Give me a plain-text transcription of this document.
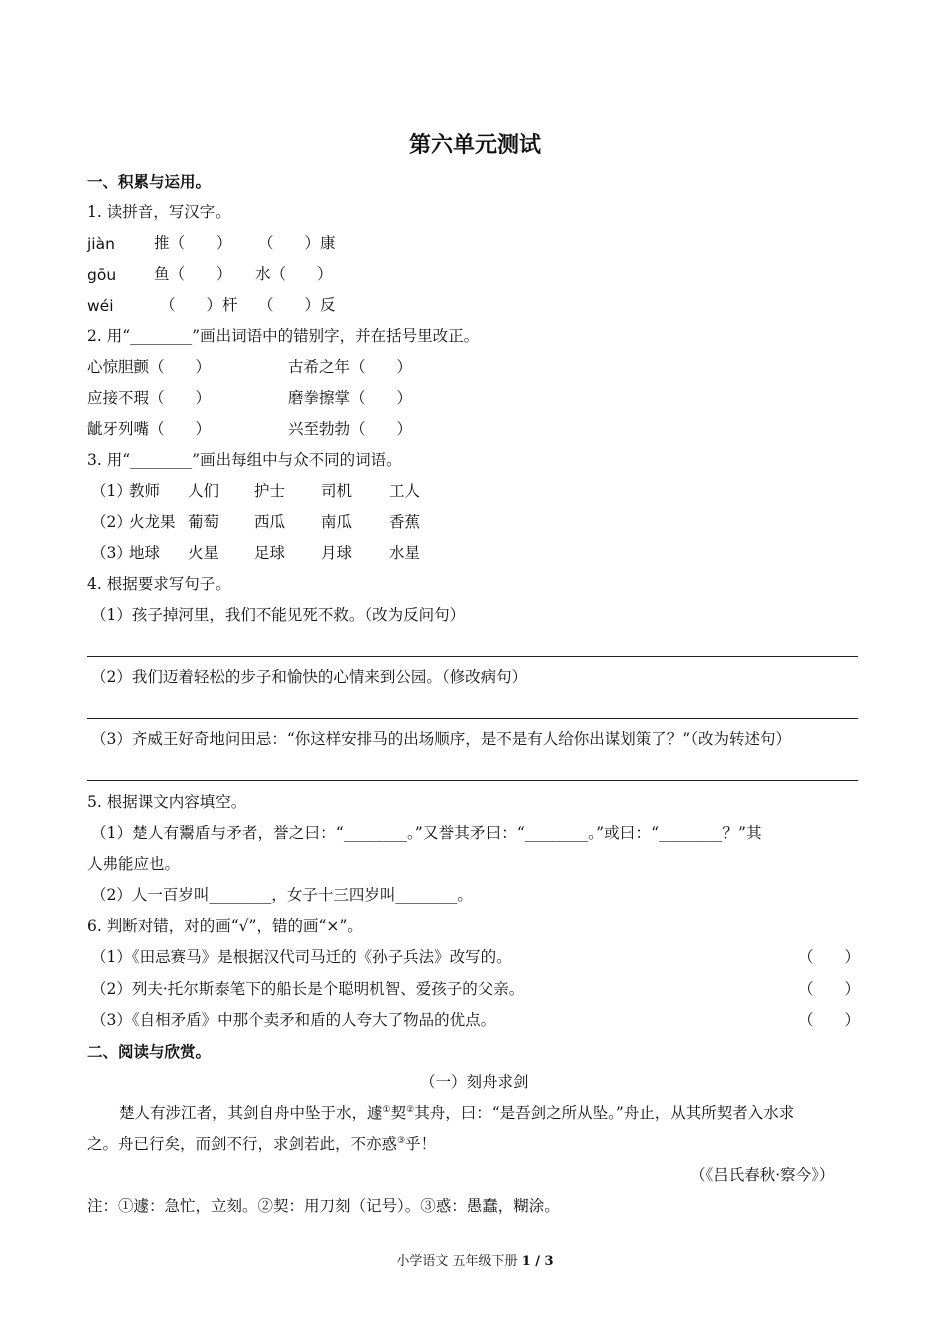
第六单元测试
一、积累与运用。
1. 读拼音，写汉字。
jiàn	推（　　） （　　）康
gōu 鱼（　　） 水（　　）
wéi	（　　）杆 （　　）反
2. 用“________”画出词语中的错别字，并在括号里改正。
心惊胆颤（　　）	古希之年（　　）
应接不瑕（　　）	磨拳擦掌（　　）
龇牙列嘴（　　）	兴至勃勃（　　）
3. 用“________”画出每组中与众不同的词语。
（1）
教师 人们 护士 司机 工人
（2）
火龙果 葡萄 西瓜 南瓜 香蕉
（3）
地球 火星 足球 月球 水星
4. 根据要求写句子。
（1）孩子掉河里，我们不能见死不救。（改为反问句）
（2）我们迈着轻松的步子和愉快的心情来到公园。（修改病句）
（3）齐威王好奇地问田忌：“你这样安排马的出场顺序，是不是有人给你出谋划策了？”（改为转述句）
5. 根据课文内容填空。
（1）楚人有鬻盾与矛者，誉之曰：“________。”又誉其矛曰：“________。”或曰：“________？”其
人弗能应也。
（2）人一百岁叫________，女子十三四岁叫________。
6. 判断对错，对的画“√”，错的画“×”。
（1）《田忌赛马》是根据汉代司马迁的《孙子兵法》改写的。	（　　）
（2）列夫·托尔斯泰笔下的船长是个聪明机智、爱孩子的父亲。	（　　）
（3）《自相矛盾》中那个卖矛和盾的人夸大了物品的优点。	（　　）
二、阅读与欣赏。
（一）刻舟求剑
楚人有涉江者，其剑自舟中坠于水，遽①契②其舟，曰：“是吾剑之所从坠。”舟止，从其所契者入水求
之。舟已行矣，而剑不行，求剑若此，不亦惑③乎！
（《吕氏春秋·察今》）
注：①遽：急忙，立刻。②契：用刀刻（记号）。③惑：愚蠢，糊涂。
小学语文 五年级下册 1 / 3
